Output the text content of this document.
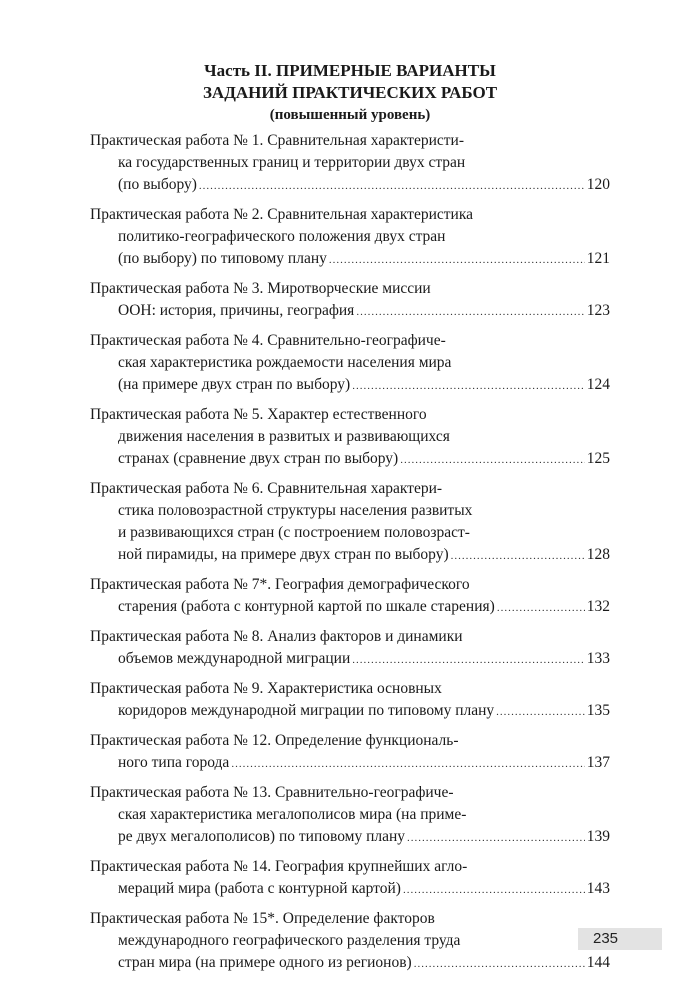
Часть II. ПРИМЕРНЫЕ ВАРИАНТЫ
ЗАДАНИЙ ПРАКТИЧЕСКИХ РАБОТ
(повышенный уровень)
Практическая работа № 1. Сравнительная характеристи-
ка государственных границ и территории двух стран
(по выбору) .....	120
Практическая работа № 2. Сравнительная характеристика
политико-географического положения двух стран
(по выбору) по типовому плану .....	121
Практическая работа № 3. Миротворческие миссии
ООН: история, причины, география .....	123
Практическая работа № 4. Сравнительно-географиче-
ская характеристика рождаемости населения мира
(на примере двух стран по выбору) .....	124
Практическая работа № 5. Характер естественного
движения населения в развитых и развивающихся
странах (сравнение двух стран по выбору) .....	125
Практическая работа № 6. Сравнительная характери-
стика половозрастной структуры населения развитых
и развивающихся стран (с построением половозраст-
ной пирамиды, на примере двух стран по выбору) .....	128
Практическая работа № 7*. География демографического
старения (работа с контурной картой по шкале старения) .....	132
Практическая работа № 8. Анализ факторов и динамики
объемов международной миграции .....	133
Практическая работа № 9. Характеристика основных
коридоров международной миграции по типовому плану .....	135
Практическая работа № 12. Определение функциональ-
ного типа города .....	137
Практическая работа № 13. Сравнительно-географиче-
ская характеристика мегалополисов мира (на приме-
ре двух мегалополисов) по типовому плану .....	139
Практическая работа № 14. География крупнейших агло-
мераций мира (работа с контурной картой) .....	143
Практическая работа № 15*. Определение факторов
международного географического разделения труда
стран мира (на примере одного из регионов) .....	144
235
